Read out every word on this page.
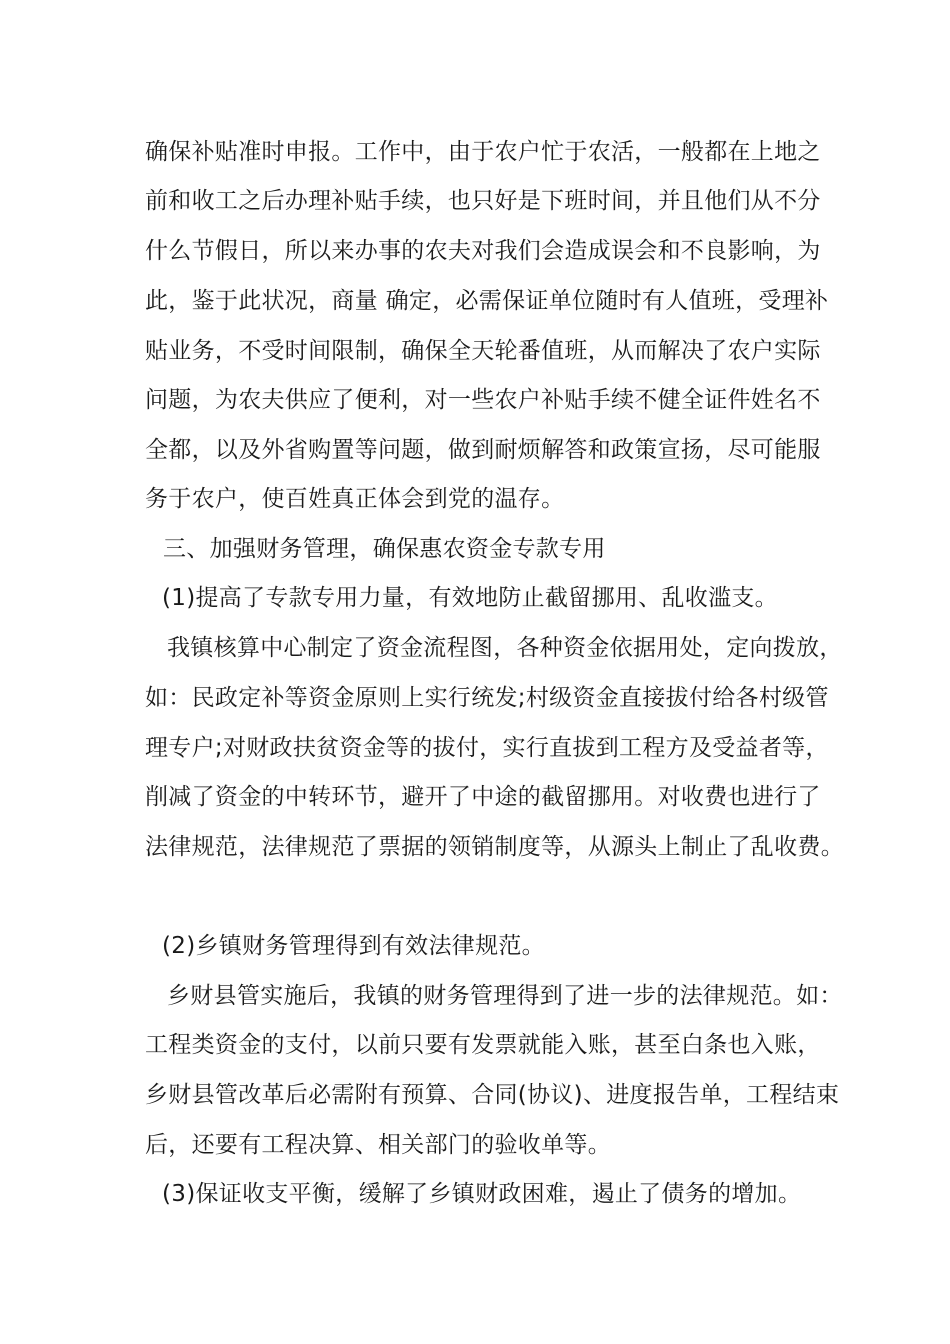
确保补贴准时申报。工作中，由于农户忙于农活，一般都在上地之
前和收工之后办理补贴手续，也只好是下班时间，并且他们从不分
什么节假日，所以来办事的农夫对我们会造成误会和不良影响，为
此，鉴于此状况，商量 确定，必需保证单位随时有人值班，受理补
贴业务，不受时间限制，确保全天轮番值班，从而解决了农户实际
问题，为农夫供应了便利，对一些农户补贴手续不健全证件姓名不
全都，以及外省购置等问题，做到耐烦解答和政策宣扬，尽可能服
务于农户，使百姓真正体会到党的温存。
三、加强财务管理，确保惠农资金专款专用
(1)提高了专款专用力量，有效地防止截留挪用、乱收滥支。
我镇核算中心制定了资金流程图，各种资金依据用处，定向拨放，
如：民政定补等资金原则上实行统发;村级资金直接拔付给各村级管
理专户;对财政扶贫资金等的拔付，实行直拔到工程方及受益者等，
削减了资金的中转环节，避开了中途的截留挪用。对收费也进行了
法律规范，法律规范了票据的领销制度等，从源头上制止了乱收费。
(2)乡镇财务管理得到有效法律规范。
乡财县管实施后，我镇的财务管理得到了进一步的法律规范。如：
工程类资金的支付，以前只要有发票就能入账，甚至白条也入账，
乡财县管改革后必需附有预算、合同(协议)、进度报告单，工程结束
后，还要有工程决算、相关部门的验收单等。
(3)保证收支平衡，缓解了乡镇财政困难，遏止了债务的增加。
